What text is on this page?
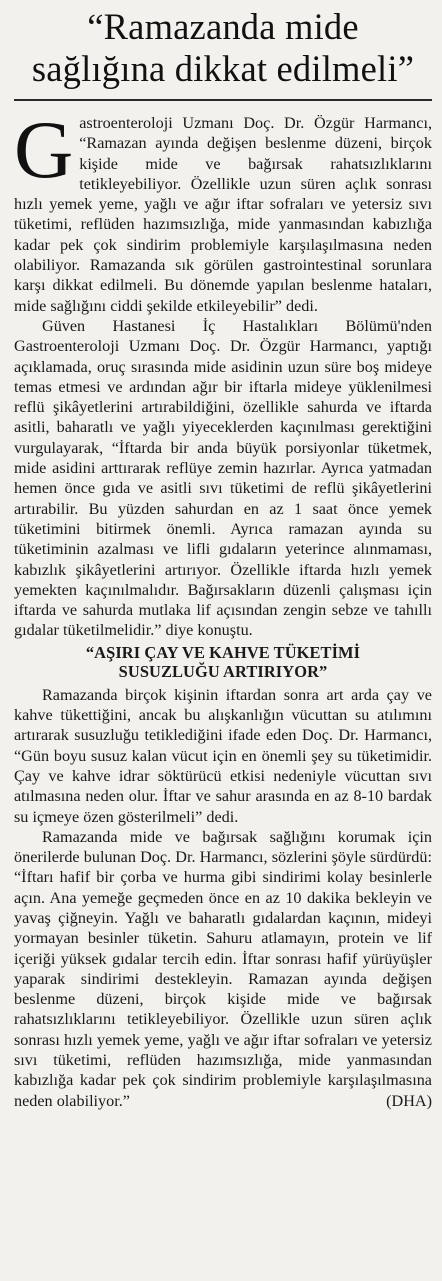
“Ramazanda mide
sağlığına dikkat edilmeli”

Gastroenteroloji Uzmanı Doç. Dr. Özgür Harmancı, “Ramazan ayında değişen beslenme düzeni, birçok kişide mide ve bağırsak rahatsızlıklarını tetikleyebiliyor. Özellikle uzun süren açlık sonrası hızlı yemek yeme, yağlı ve ağır iftar sofraları ve yetersiz sıvı tüketimi, reflüden hazımsızlığa, mide yanmasından kabızlığa kadar pek çok sindirim problemiyle karşılaşılmasına neden olabiliyor. Ramazanda sık görülen gastrointestinal sorunlara karşı dikkat edilmeli. Bu dönemde yapılan beslenme hataları, mide sağlığını ciddi şekilde etkileyebilir” dedi.

Güven Hastanesi İç Hastalıkları Bölümü'nden Gastroenteroloji Uzmanı Doç. Dr. Özgür Harmancı, yaptığı açıklamada, oruç sırasında mide asidinin uzun süre boş mideye temas etmesi ve ardından ağır bir iftarla mideye yüklenilmesi reflü şikâyetlerini artırabildiğini, özellikle sahurda ve iftarda asitli, baharatlı ve yağlı yiyeceklerden kaçınılması gerektiğini vurgulayarak, “İftarda bir anda büyük porsiyonlar tüketmek, mide asidini arttırarak reflüye zemin hazırlar. Ayrıca yatmadan hemen önce gıda ve asitli sıvı tüketimi de reflü şikâyetlerini artırabilir. Bu yüzden sahurdan en az 1 saat önce yemek tüketimini bitirmek önemli. Ayrıca ramazan ayında su tüketiminin azalması ve lifli gıdaların yeterince alınmaması, kabızlık şikâyetlerini artırıyor. Özellikle iftarda hızlı yemek yemekten kaçınılmalıdır. Bağırsakların düzenli çalışması için iftarda ve sahurda mutlaka lif açısından zengin sebze ve tahıllı gıdalar tüketilmelidir.” diye konuştu.

“AŞIRI ÇAY VE KAHVE TÜKETİMİ
SUSUZLUĞU ARTIRIYOR”

Ramazanda birçok kişinin iftardan sonra art arda çay ve kahve tükettiğini, ancak bu alışkanlığın vücuttan su atılımını artırarak susuzluğu tetiklediğini ifade eden Doç. Dr. Harmancı, “Gün boyu susuz kalan vücut için en önemli şey su tüketimidir. Çay ve kahve idrar söktürücü etkisi nedeniyle vücuttan sıvı atılmasına neden olur. İftar ve sahur arasında en az 8-10 bardak su içmeye özen gösterilmeli” dedi.

Ramazanda mide ve bağırsak sağlığını korumak için önerilerde bulunan Doç. Dr. Harmancı, sözlerini şöyle sürdürdü: “İftarı hafif bir çorba ve hurma gibi sindirimi kolay besinlerle açın. Ana yemeğe geçmeden önce en az 10 dakika bekleyin ve yavaş çiğneyin. Yağlı ve baharatlı gıdalardan kaçının, mideyi yormayan besinler tüketin. Sahuru atlamayın, protein ve lif içeriği yüksek gıdalar tercih edin. İftar sonrası hafif yürüyüşler yaparak sindirimi destekleyin. Ramazan ayında değişen beslenme düzeni, birçok kişide mide ve bağırsak rahatsızlıklarını tetikleyebiliyor. Özellikle uzun süren açlık sonrası hızlı yemek yeme, yağlı ve ağır iftar sofraları ve yetersiz sıvı tüketimi, reflüden hazımsızlığa, mide yanmasından kabızlığa kadar pek çok sindirim problemiyle karşılaşılmasına neden olabiliyor.”	(DHA)
